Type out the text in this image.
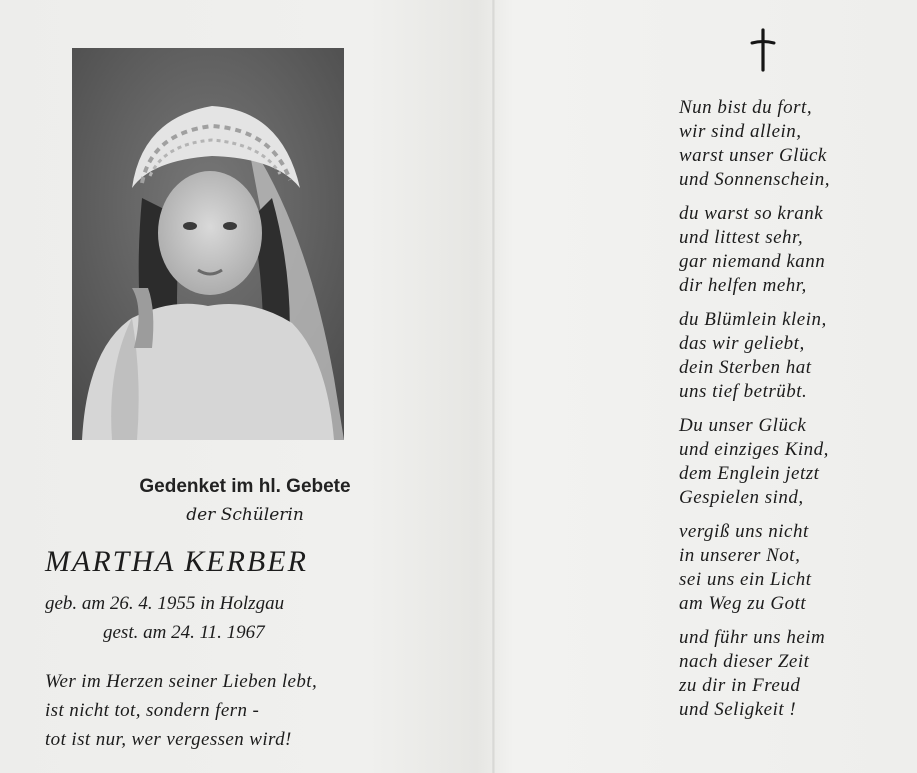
Gedenket im hl. Gebete
der Schülerin
MARTHA KERBER
geb. am 26. 4. 1955 in Holzgau
gest. am 24. 11. 1967
Wer im Herzen seiner Lieben lebt,
ist nicht tot, sondern fern -
tot ist nur, wer vergessen wird!
Nun bist du fort,
wir sind allein,
warst unser Glück
und Sonnenschein,
du warst so krank
und littest sehr,
gar niemand kann
dir helfen mehr,
du Blümlein klein,
das wir geliebt,
dein Sterben hat
uns tief betrübt.
Du unser Glück
und einziges Kind,
dem Englein jetzt
Gespielen sind,
vergiß uns nicht
in unserer Not,
sei uns ein Licht
am Weg zu Gott
und führ uns heim
nach dieser Zeit
zu dir in Freud
und Seligkeit !
